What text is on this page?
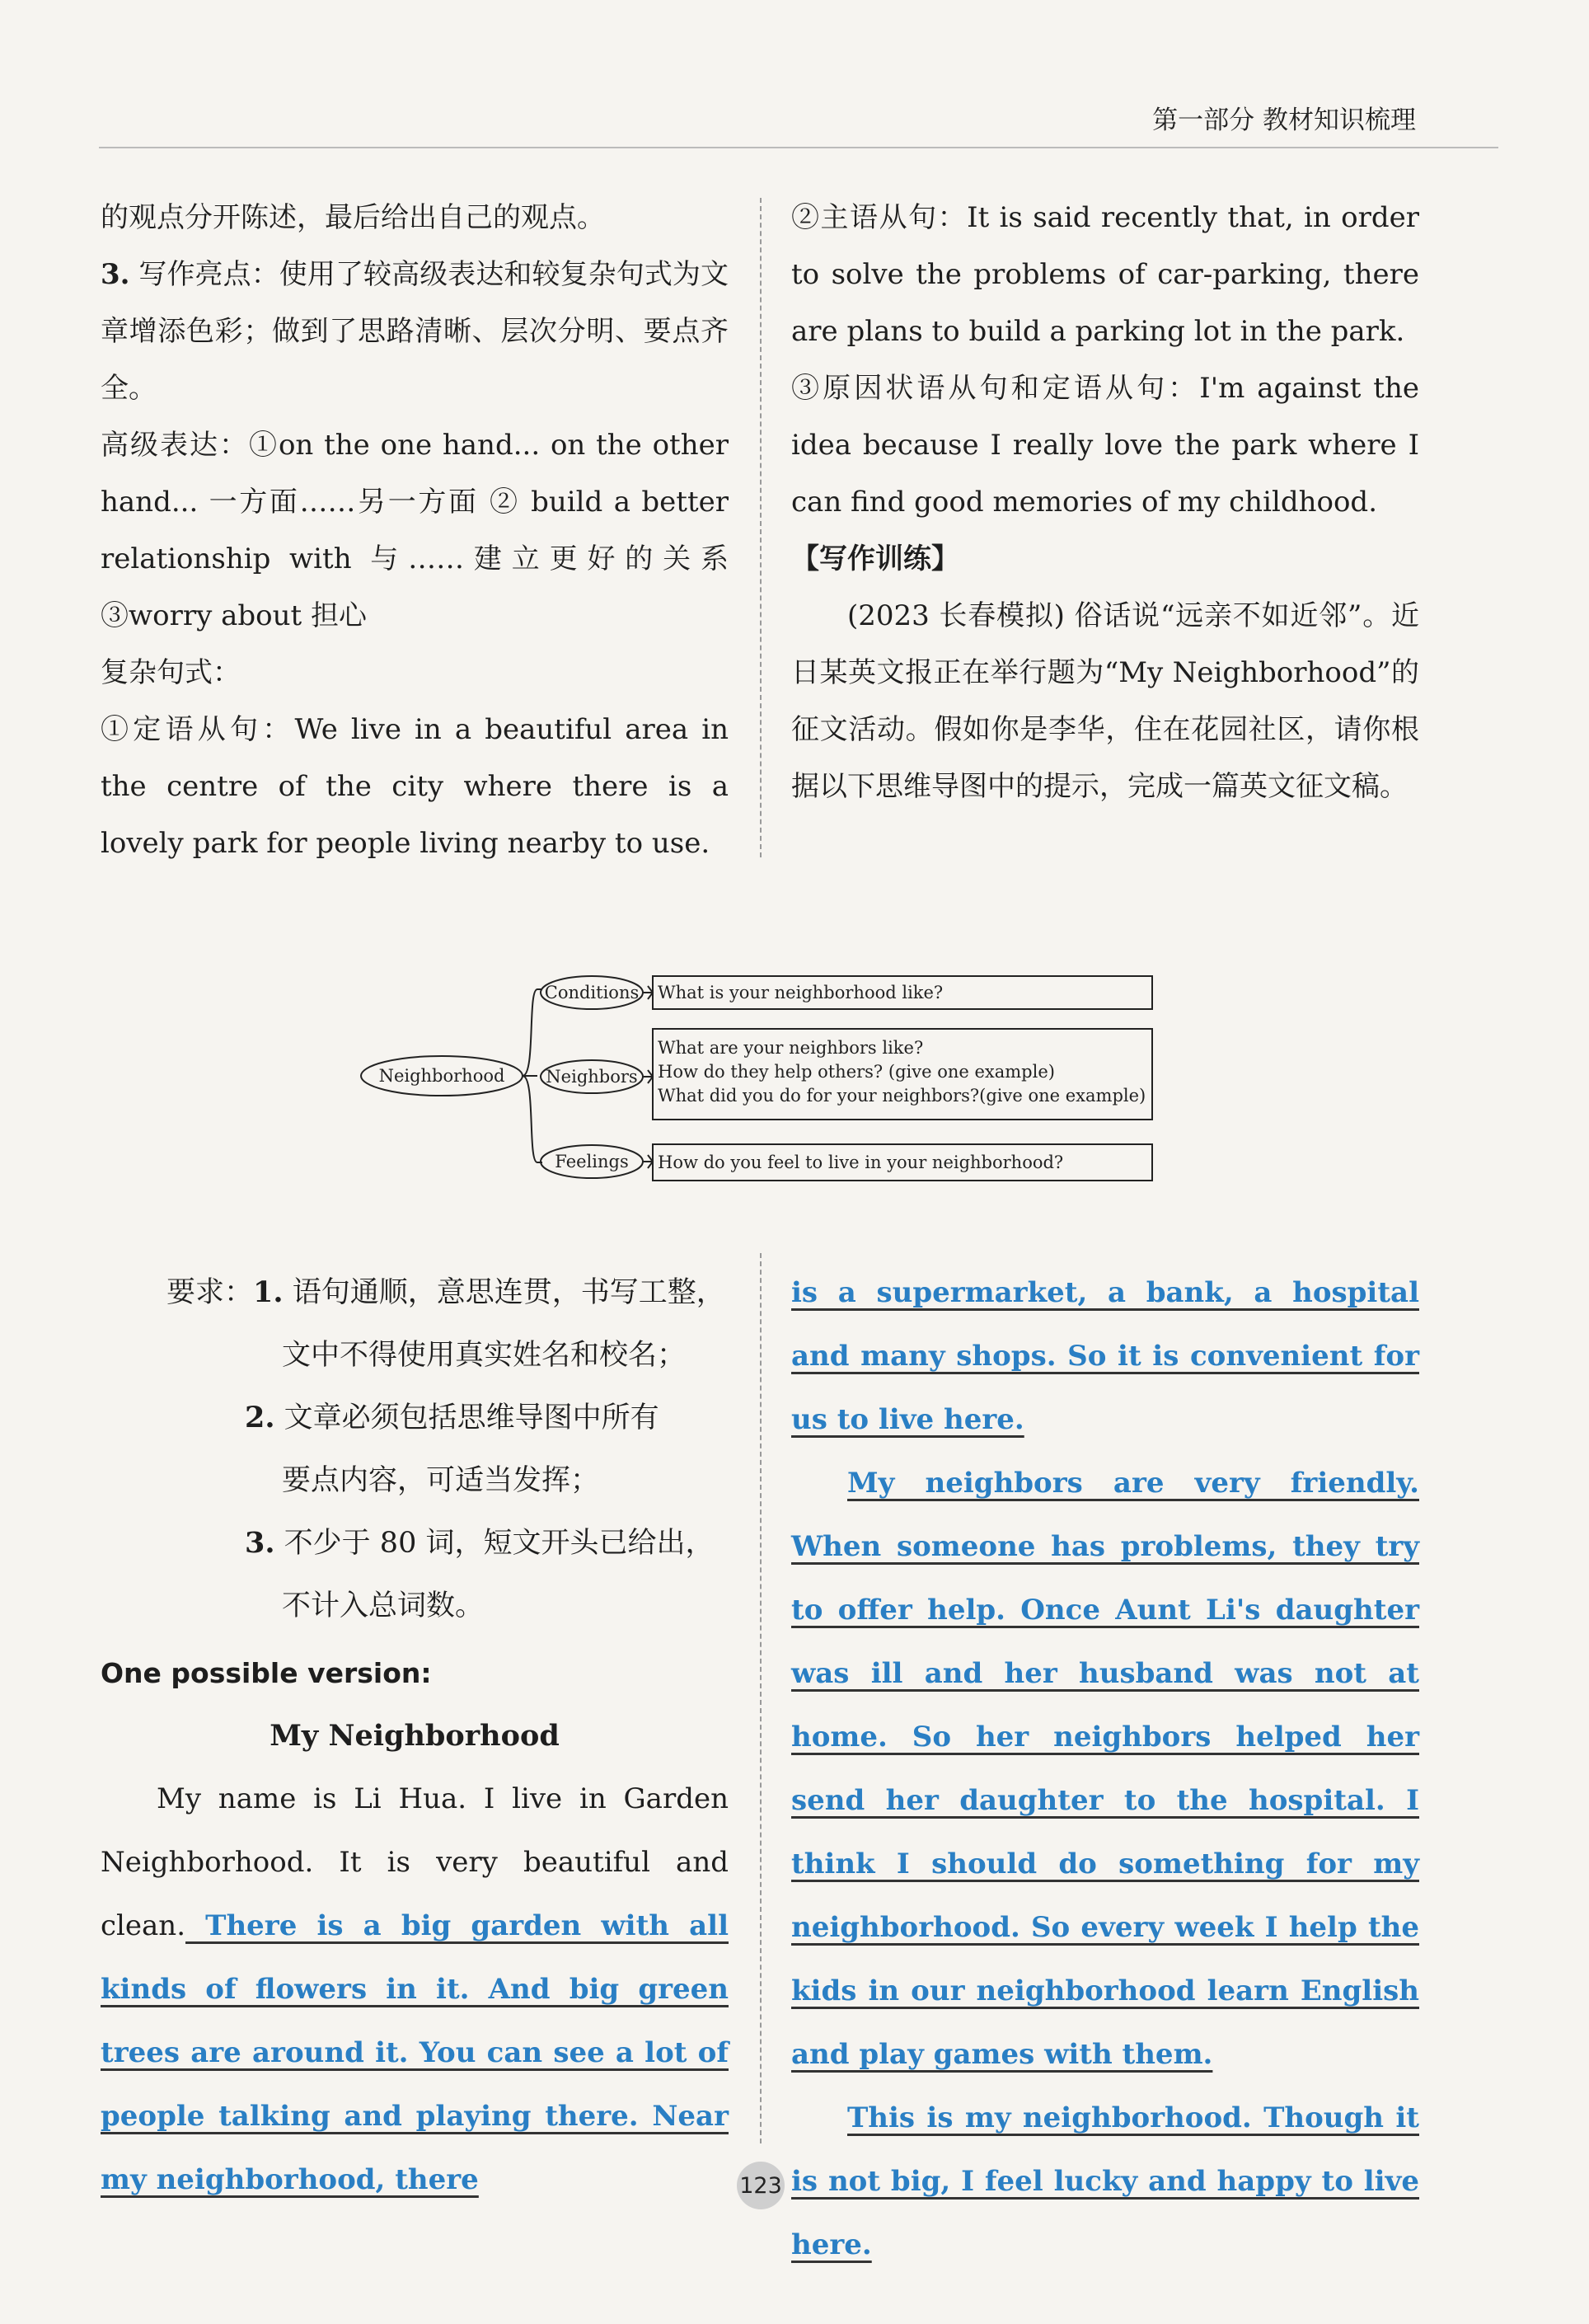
第一部分 教材知识梳理

的观点分开陈述，最后给出自己的观点。

3. 写作亮点：使用了较高级表达和较复杂句式为文章增添色彩；做到了思路清晰、层次分明、要点齐全。

高级表达：①on the one hand... on the other hand... 一方面……另一方面 ② build a better relationship with 与……建立更好的关系 ③worry about 担心

复杂句式：

①定语从句：We live in a beautiful area in the centre of the city where there is a lovely park for people living nearby to use.

②主语从句：It is said recently that, in order to solve the problems of car-parking, there are plans to build a parking lot in the park.

③原因状语从句和定语从句：I'm against the idea because I really love the park where I can find good memories of my childhood.

【写作训练】

(2023 长春模拟) 俗话说“远亲不如近邻”。近日某英文报正在举行题为“My Neighborhood”的征文活动。假如你是李华，住在花园社区，请你根据以下思维导图中的提示，完成一篇英文征文稿。

Neighborhood
Conditions
Neighbors
Feelings
What is your neighborhood like?
What are your neighbors like?
How do they help others? (give one example)
What did you do for your neighbors?(give one example)
How do you feel to live in your neighborhood?
要求：1. 语句通顺，意思连贯，书写工整，
文中不得使用真实姓名和校名；
2. 文章必须包括思维导图中所有
要点内容，可适当发挥；
3. 不少于 80 词，短文开头已给出，
不计入总词数。
One possible version:
My Neighborhood

My name is Li Hua. I live in Garden Neighborhood. It is very beautiful and clean. There is a big garden with all kinds of flowers in it. And big green trees are around it. You can see a lot of people talking and playing there. Near my neighborhood, there

is a supermarket, a bank, a hospital and many shops. So it is convenient for us to live here.

My neighbors are very friendly. When someone has problems, they try to offer help. Once Aunt Li's daughter was ill and her husband was not at home. So her neighbors helped her send her daughter to the hospital. I think I should do something for my neighborhood. So every week I help the kids in our neighborhood learn English and play games with them.

This is my neighborhood. Though it is not big, I feel lucky and happy to live here.

123
